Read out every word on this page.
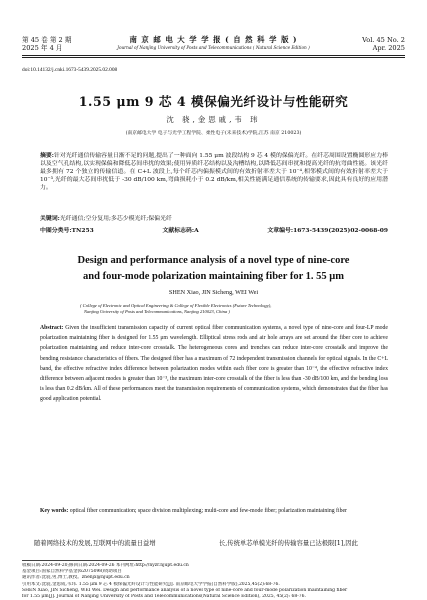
第 45 卷 第 2 期
2025 年 4 月
南 京 邮 电 大 学 学 报 ( 自 然 科 学 版 )
Journal of Nanjing University of Posts and Telecommunications ( Natural Science Edition )
Vol. 45 No. 2
Apr. 2025
doi:10.14132/j.cnki.1673-5439.2025.02.008
1.55 μm 9 芯 4 模保偏光纤设计与性能研究
沈 骁,金思戚,韦 玮
(南京邮电大学 电子与光学工程学院、柔性电子(未来技术)学院,江苏 南京 210023)
摘要:针对光纤通信传输容量日渐不足的问题,提出了一种面向 1.55 μm 波段结构 9 芯 4 模的保偏光纤。在纤芯周围设置椭圆形应力棒以及空气孔结构,以实现保偏和降低芯间串扰的效果;使用异质纤芯结构以及沟槽结构,以降低芯间串扰和提高光纤的抗弯曲性能。该光纤最多拥有 72 个独立的传输信道。在 C+L 波段上,每个纤芯内偏振模式间的有效折射率差大于 10⁻⁴,相邻模式间的有效折射率差大于 10⁻³,光纤的最大芯间串扰低于 -30 dB/100 km,弯曲损耗小于 0.2 dB/km,相关性能满足通信系统的传输要求,因此具有良好的应用潜力。
关键词:光纤通信;空分复用;多芯少模光纤;保偏光纤
中图分类号:TN253	文献标志码:A	文章编号:1673-5439(2025)02-0068-09
Design and performance analysis of a novel type of nine-core
and four-mode polarization maintaining fiber for 1. 55 μm
SHEN Xiao, JIN Sicheng, WEI Wei
( College of Electronic and Optical Engineering & College of Flexible Electronics (Future Technology),
Nanjing University of Posts and Telecommunications, Nanjing 210023, China )
Abstract: Given the insufficient transmission capacity of current optical fiber communication systems, a novel type of nine-core and four-LP mode polarization maintaining fiber is designed for 1.55 μm wavelength. Elliptical stress rods and air hole arrays are set around the fiber core to achieve polarization maintaining and reduce inter-core crosstalk. The heterogeneous cores and trenches can reduce inter-core crosstalk and improve the bending resistance characteristics of fibers. The designed fiber has a maximum of 72 independent transmission channels for optical signals. In the C+L band, the effective refractive index difference between polarization modes within each fiber core is greater than 10⁻⁴, the effective refractive index difference between adjacent modes is greater than 10⁻³, the maximum inter-core crosstalk of the fiber is less than -30 dB/100 km, and the bending loss is less than 0.2 dB/km. All of these performances meet the transmission requirements of communication systems, which demonstrates that the fiber has good application potential.
Key words: optical fiber communication; space division multiplexing; multi-core and few-mode fiber; polarization maintaining fiber
随着网络技术的发展,互联网中的流量日益增	长,传统单芯单模光纤的传输容量已达极限[1],因此
收稿日期:2024-09-20;修回日期:2024-09-26 本刊网址:http://nyzr.njupt.edu.cn
基金项目:国家自然科学基金(62075098)资助项目
通讯作者:沈骁,男,博士,教授。zhenjx@njupt.edu.cn
引用本文:沈骁,金思成,韦玮. 1.55 μm 9 芯 4 模保偏光纤设计与性能研究[J]. 南京邮电大学学报(自然科学版),2025,45(2):68-76.
SHEN Xiao, JIN Sicheng, WEI Wei. Design and performance analysis of a novel type of nine-core and four-mode polarization maintaining fiber
for 1.55 μm[J]. Journal of Nanjing University of Posts and Telecommunications(Natural Science Edition), 2025, 45(2): 68-76.
